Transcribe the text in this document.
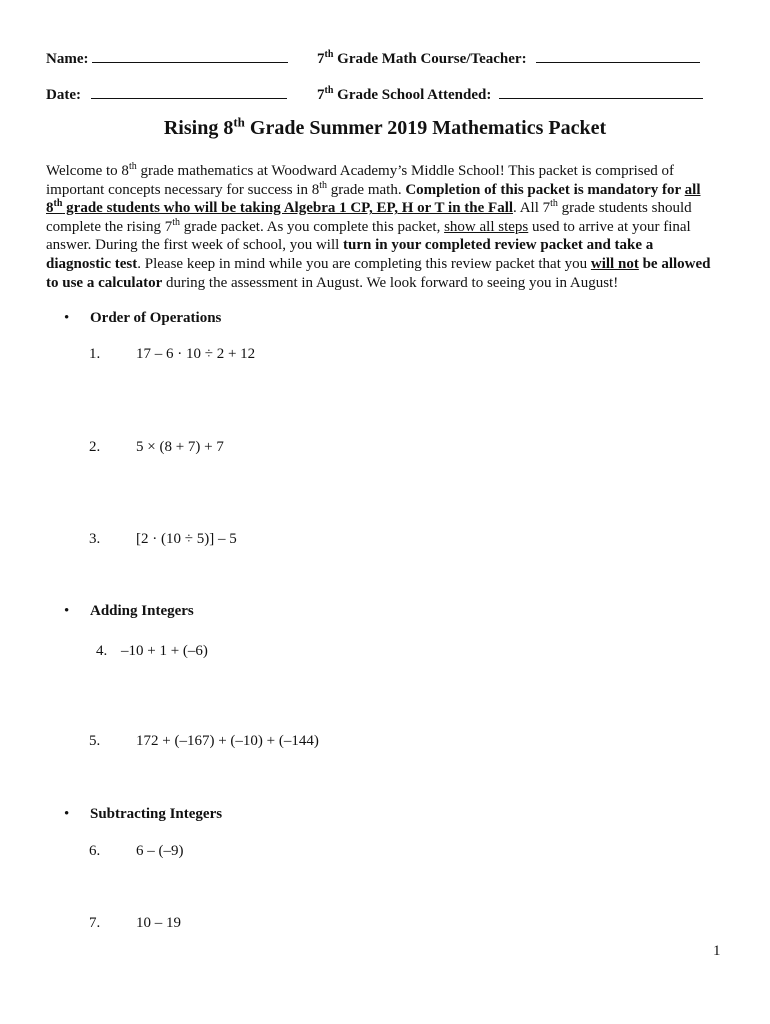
Name:	7th Grade Math Course/Teacher:
Date:	7th Grade School Attended:
Rising 8th Grade Summer 2019 Mathematics Packet

Welcome to 8th grade mathematics at Woodward Academy’s Middle School! This packet is comprised of

important concepts necessary for success in 8th grade math. Completion of this packet is mandatory for all

8th grade students who will be taking Algebra 1 CP, EP, H or T in the Fall. All 7th grade students should

complete the rising 7th grade packet. As you complete this packet, show all steps used to arrive at your final

answer. During the first week of school, you will turn in your completed review packet and take a

diagnostic test. Please keep in mind while you are completing this review packet that you will not be allowed

to use a calculator during the assessment in August. We look forward to seeing you in August!

• Order of Operations
1. 17 – 6 · 10 ÷ 2 + 12
2. 5 × (8 + 7) + 7
3. [2 · (10 ÷ 5)] – 5
• Adding Integers
4. –10 + 1 + (–6)
5. 172 + (–167) + (–10) + (–144)
• Subtracting Integers
6. 6 – (–9)
7. 10 – 19
1
